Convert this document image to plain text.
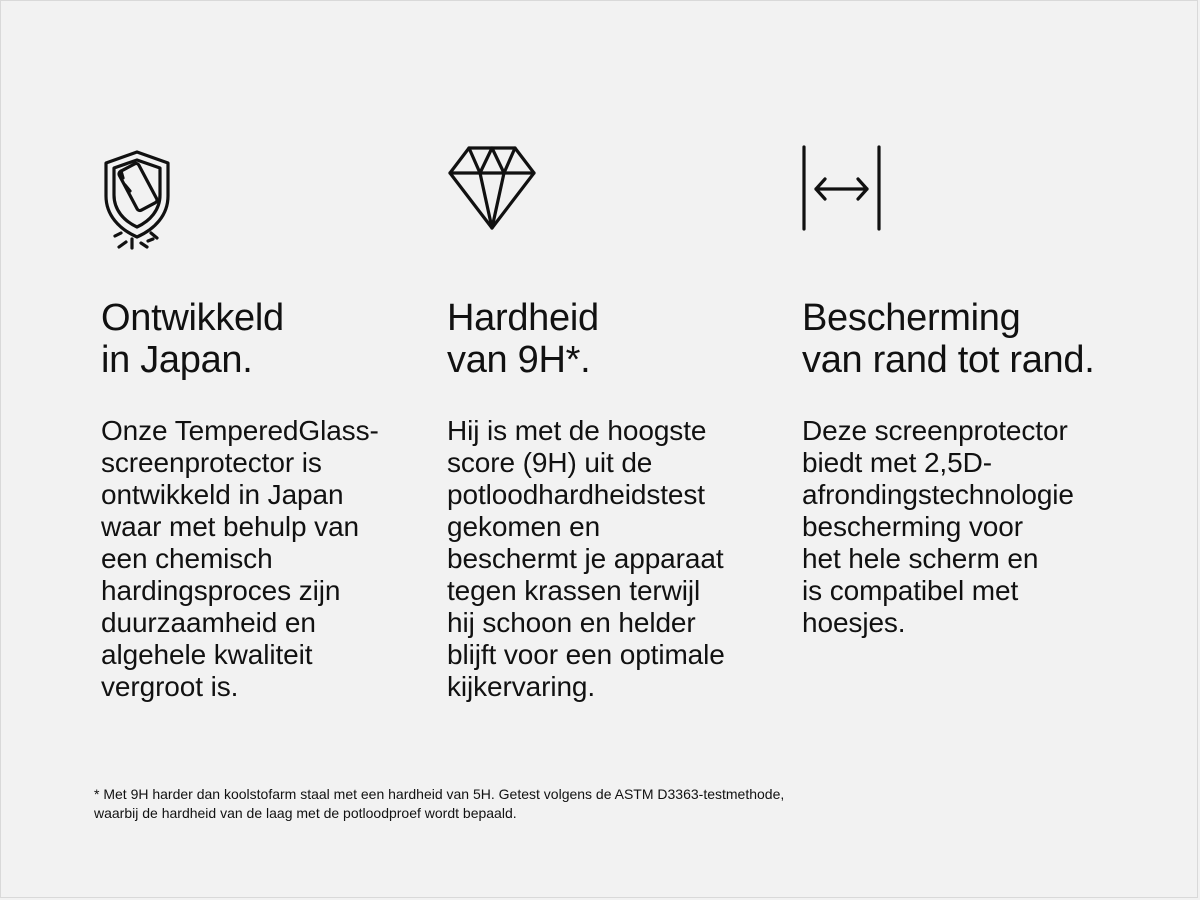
Ontwikkeld
in Japan.

Onze TemperedGlass-
screenprotector is
ontwikkeld in Japan
waar met behulp van
een chemisch
hardingsproces zijn
duurzaamheid en
algehele kwaliteit
vergroot is.

Hardheid
van 9H*.

Hij is met de hoogste
score (9H) uit de
potloodhardheidstest
gekomen en
beschermt je apparaat
tegen krassen terwijl
hij schoon en helder
blijft voor een optimale
kijkervaring.

Bescherming
van rand tot rand.

Deze screenprotector
biedt met 2,5D-
afrondingstechnologie
bescherming voor
het hele scherm en
is compatibel met
hoesjes.

* Met 9H harder dan koolstofarm staal met een hardheid van 5H. Getest volgens de ASTM D3363-testmethode,
waarbij de hardheid van de laag met de potloodproef wordt bepaald.
